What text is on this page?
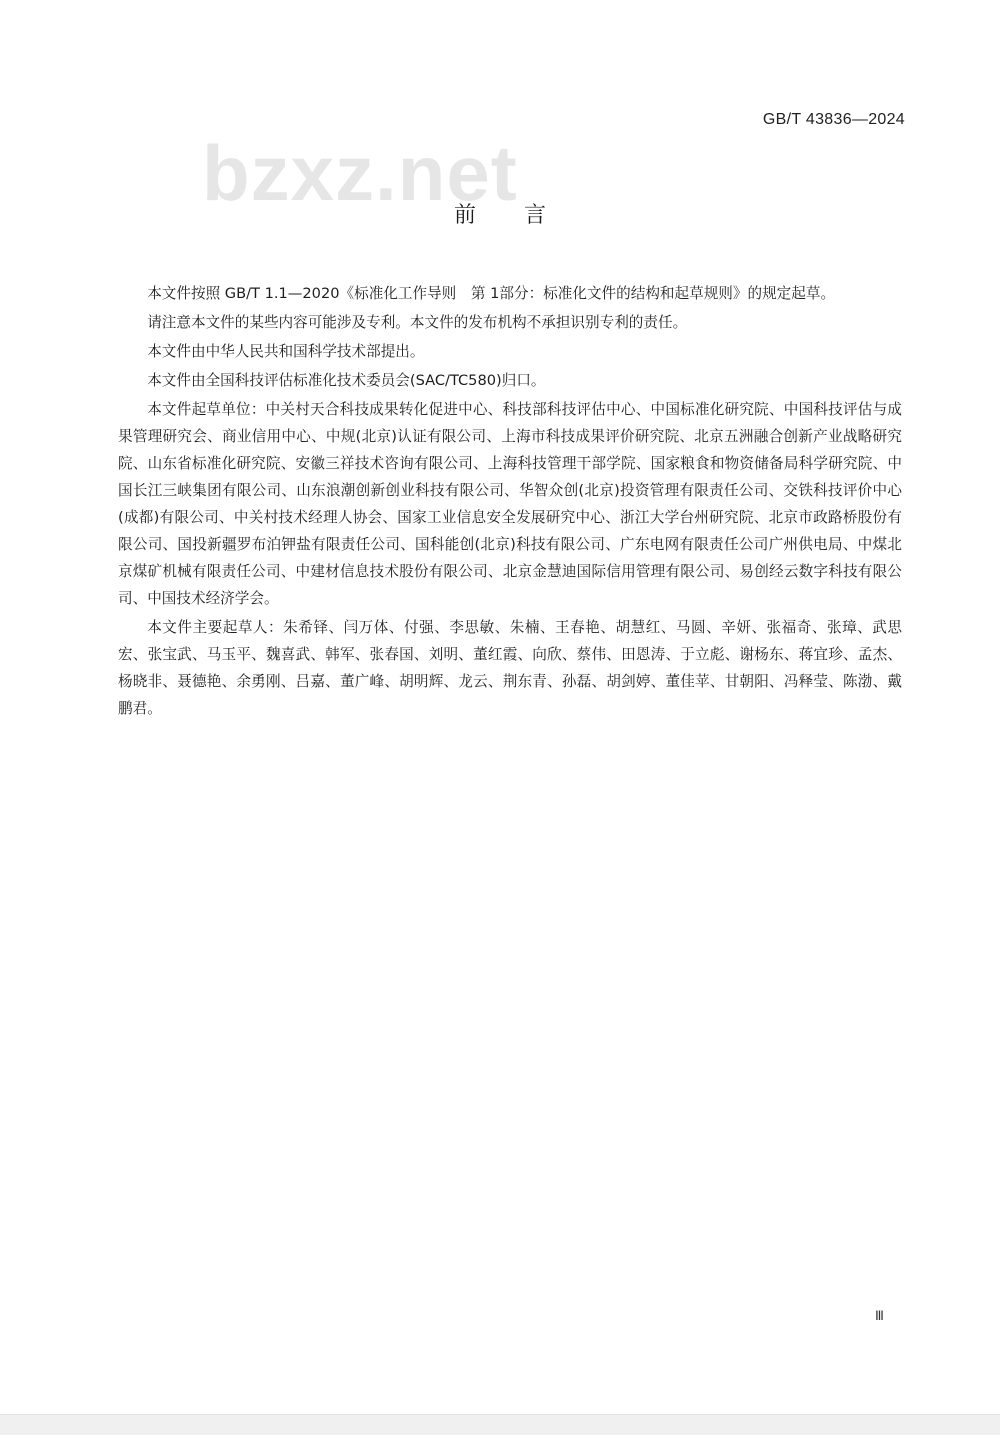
GB/T 43836—2024
bzxz.net
前言

本文件按照 GB/T 1.1—2020《标准化工作导则　第 1部分：标准化文件的结构和起草规则》的规定起草。

请注意本文件的某些内容可能涉及专利。本文件的发布机构不承担识别专利的责任。

本文件由中华人民共和国科学技术部提出。

本文件由全国科技评估标准化技术委员会(SAC/TC580)归口。

本文件起草单位：中关村天合科技成果转化促进中心、科技部科技评估中心、中国标准化研究院、中国科技评估与成果管理研究会、商业信用中心、中规(北京)认证有限公司、上海市科技成果评价研究院、北京五洲融合创新产业战略研究院、山东省标准化研究院、安徽三祥技术咨询有限公司、上海科技管理干部学院、国家粮食和物资储备局科学研究院、中国长江三峡集团有限公司、山东浪潮创新创业科技有限公司、华智众创(北京)投资管理有限责任公司、交铁科技评价中心(成都)有限公司、中关村技术经理人协会、国家工业信息安全发展研究中心、浙江大学台州研究院、北京市政路桥股份有限公司、国投新疆罗布泊钾盐有限责任公司、国科能创(北京)科技有限公司、广东电网有限责任公司广州供电局、中煤北京煤矿机械有限责任公司、中建材信息技术股份有限公司、北京金慧迪国际信用管理有限公司、易创经云数字科技有限公司、中国技术经济学会。

本文件主要起草人：朱希铎、闫万体、付强、李思敏、朱楠、王春艳、胡慧红、马圆、辛妍、张福奇、张璋、武思宏、张宝武、马玉平、魏喜武、韩军、张春国、刘明、董红霞、向欣、蔡伟、田恩涛、于立彪、谢杨东、蒋宜珍、孟杰、杨晓非、聂德艳、余勇刚、吕嘉、董广峰、胡明辉、龙云、荆东青、孙磊、胡剑婷、董佳苹、甘朝阳、冯释莹、陈渤、戴鹏君。

Ⅲ
